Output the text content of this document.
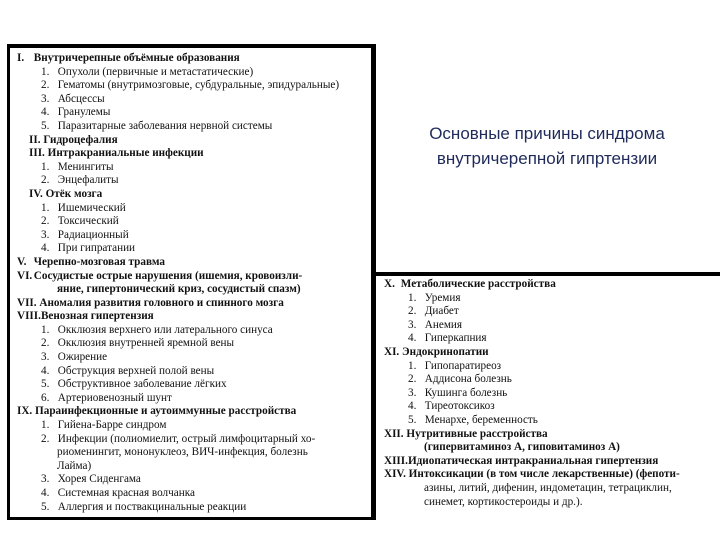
Основные причины синдрома
внутричерепной гипртензии
I. Внутричерепные объёмные образования
1. Опухоли (первичные и метастатические)
2. Гематомы (внутримозговые, субдуральные, эпидуральные)
3. Абсцессы
4. Гранулемы
5. Паразитарные заболевания нервной системы
II. Гидроцефалия
III. Интракраниальные инфекции
1. Менингиты
2. Энцефалиты
IV. Отёк мозга
1. Ишемический
2. Токсический
3. Радиационный
4. При гипратании
V. Черепно-мозговая травма
VI. Сосудистые острые нарушения (ишемия, кровоизли-
яние, гипертонический криз, сосудистый спазм)
VII. Аномалия развития головного и спинного мозга
VIII.Венозная гипертензия
1. Окклюзия верхнего или латерального синуса
2. Окклюзия внутренней яремной вены
3. Ожирение
4. Обструкция верхней полой вены
5. Обструктивное заболевание лёгких
6. Артериовенозный шунт
IX. Параинфекционные и аутоиммунные расстройства
1. Гийена-Барре синдром
2. Инфекции (полиомиелит, острый лимфоцитарный хо-
риоменингит, мононуклеоз, ВИЧ-инфекция, болезнь
Лайма)
3. Хорея Сиденгама
4. Системная красная волчанка
5. Аллергия и поствакцинальные реакции
X. Метаболические расстройства
1. Уремия
2. Диабет
3. Анемия
4. Гиперкапния
XI. Эндокринопатии
1. Гипопаратиреоз
2. Аддисона болезнь
3. Кушинга болезнь
4. Тиреотоксикоз
5. Менархе, беременность
XII. Нутритивные расстройства
(гипервитаминоз А, гиповитаминоз А)
XIII.Идиопатическая интракраниальная гипертензия
XIV. Интоксикации (в том числе лекарственные) (фепоти-
азины, литий, дифенин, индометацин, тетрациклин,
синемет, кортикостероиды и др.).
